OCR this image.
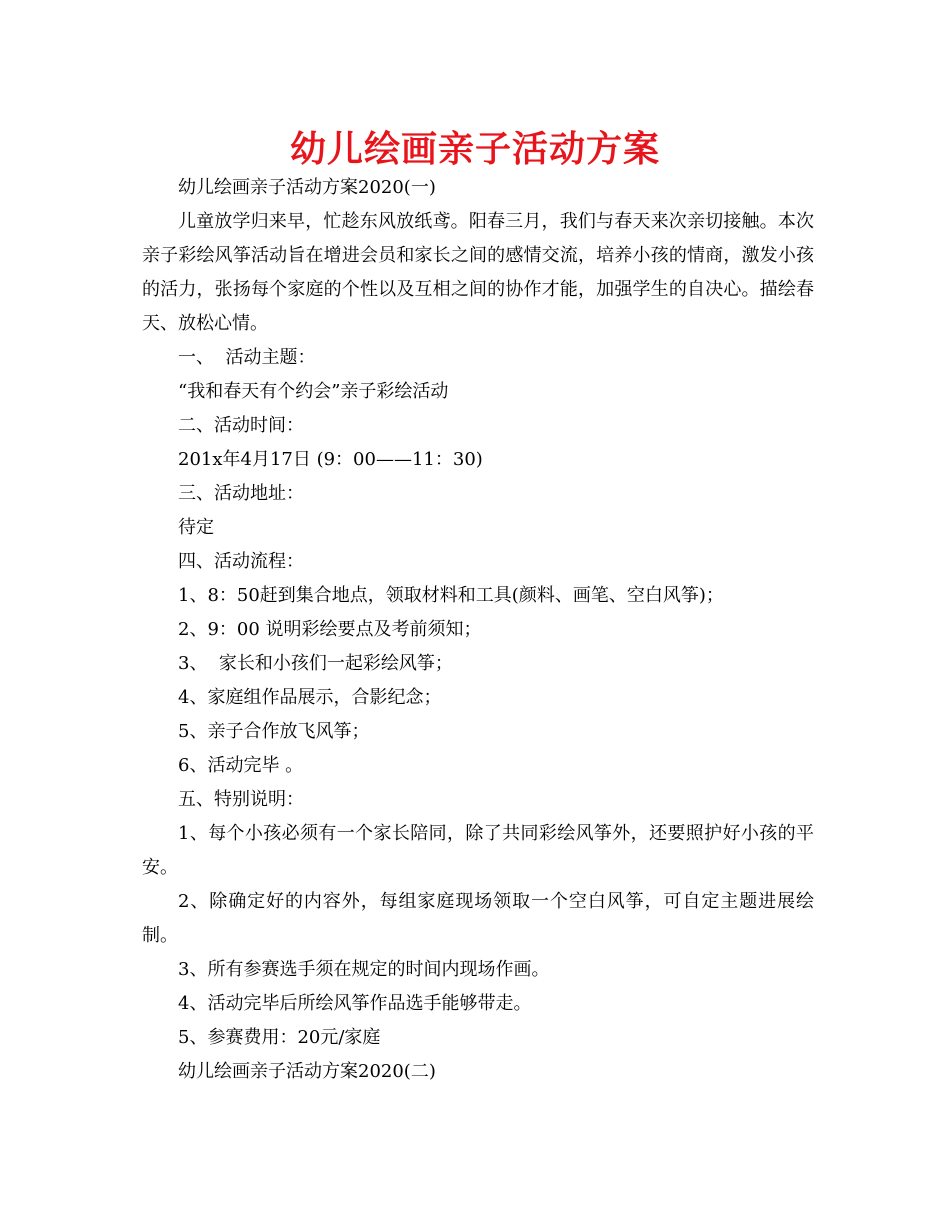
幼儿绘画亲子活动方案

幼儿绘画亲子活动方案2020(一)

儿童放学归来早，忙趁东风放纸鸢。阳春三月，我们与春天来次亲切接触。本次亲子彩绘风筝活动旨在增进会员和家长之间的感情交流，培养小孩的情商，激发小孩的活力，张扬每个家庭的个性以及互相之间的协作才能，加强学生的自决心。描绘春天、放松心情。

一、  活动主题：

“我和春天有个约会”亲子彩绘活动

二、活动时间：

201x年4月17日 (9：00——11：30)

三、活动地址：

待定

四、活动流程：

1、8：50赶到集合地点，领取材料和工具(颜料、画笔、空白风筝)；

2、9：00 说明彩绘要点及考前须知；

3、  家长和小孩们一起彩绘风筝；

4、家庭组作品展示，合影纪念；

5、亲子合作放飞风筝；

6、活动完毕 。

五、特别说明：

1、每个小孩必须有一个家长陪同，除了共同彩绘风筝外，还要照护好小孩的平安。

2、除确定好的内容外，每组家庭现场领取一个空白风筝，可自定主题进展绘制。

3、所有参赛选手须在规定的时间内现场作画。

4、活动完毕后所绘风筝作品选手能够带走。

5、参赛费用：20元/家庭

幼儿绘画亲子活动方案2020(二)
